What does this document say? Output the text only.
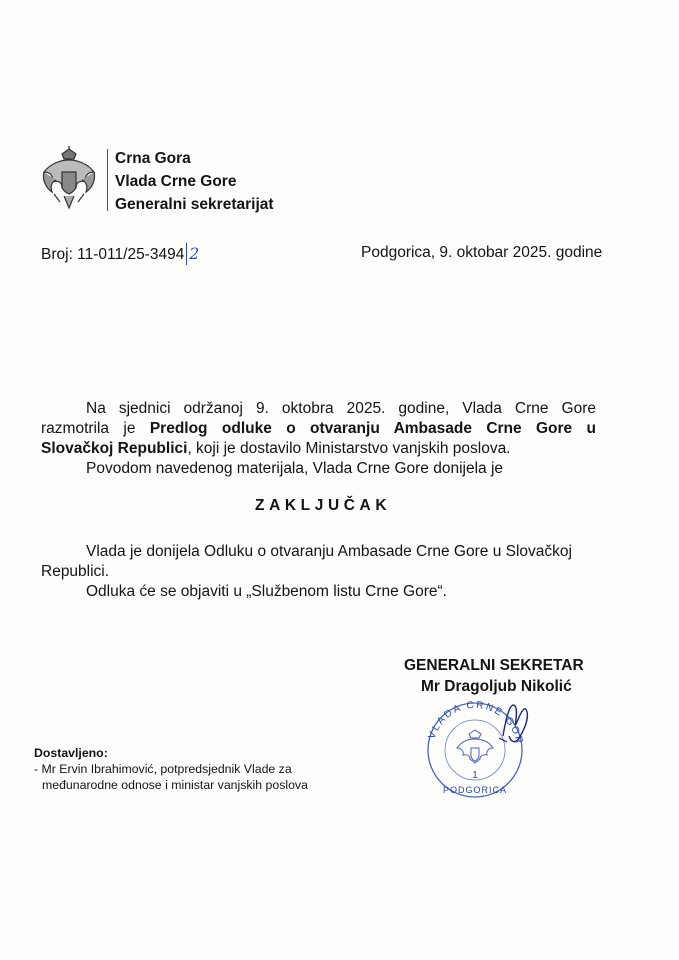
Crna Gora
Vlada Crne Gore
Generalni sekretarijat
Broj: 11-011/25-3494 2	Podgorica, 9. oktobar 2025. godine
Na sjednici održanoj 9. oktobra 2025. godine, Vlada Crne Gore
razmotrila je Predlog odluke o otvaranju Ambasade Crne Gore u
Slovačkoj Republici, koji je dostavilo Ministarstvo vanjskih poslova.
Povodom navedenog materijala, Vlada Crne Gore donijela je
ZAKLJUČAK
Vlada je donijela Odluku o otvaranju Ambasade Crne Gore u Slovačkoj
Republici.
Odluka će se objaviti u „Službenom listu Crne Gore“.
GENERALNI SEKRETAR
Mr Dragoljub Nikolić
VLADA CRNE GOR
1
PODGORICA
Dostavljeno:
- Mr Ervin Ibrahimović, potpredsjednik Vlade za
međunarodne odnose i ministar vanjskih poslova
